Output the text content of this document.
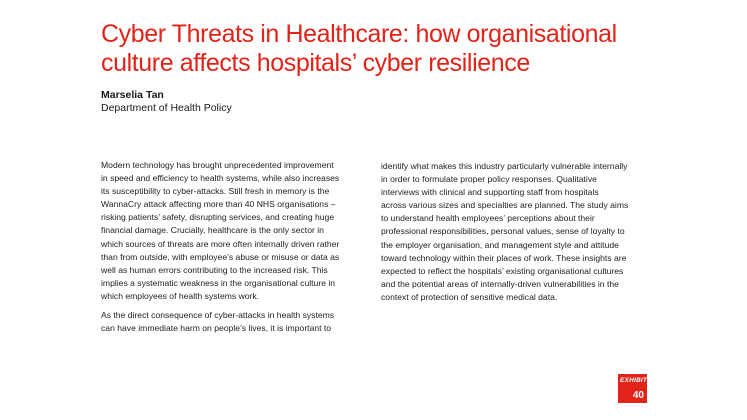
Cyber Threats in Healthcare: how organisational culture affects hospitals’ cyber resilience
Marselia Tan
Department of Health Policy

Modern technology has brought unprecedented improvement
in speed and efficiency to health systems, while also increases
its susceptibility to cyber-attacks. Still fresh in memory is the
WannaCry attack affecting more than 40 NHS organisations –
risking patients’ safety, disrupting services, and creating huge
financial damage. Crucially, healthcare is the only sector in
which sources of threats are more often internally driven rather
than from outside, with employee’s abuse or misuse or data as
well as human errors contributing to the increased risk. This
implies a systematic weakness in the organisational culture in
which employees of health systems work.

As the direct consequence of cyber-attacks in health systems
can have immediate harm on people’s lives, it is important to

identify what makes this industry particularly vulnerable internally
in order to formulate proper policy responses. Qualitative
interviews with clinical and supporting staff from hospitals
across various sizes and specialties are planned. The study aims
to understand health employees’ perceptions about their
professional responsibilities, personal values, sense of loyalty to
the employer organisation, and management style and attitude
toward technology within their places of work. These insights are
expected to reflect the hospitals’ existing organisational cultures
and the potential areas of internally-driven vulnerabilities in the
context of protection of sensitive medical data.

EXHIBIT
40
